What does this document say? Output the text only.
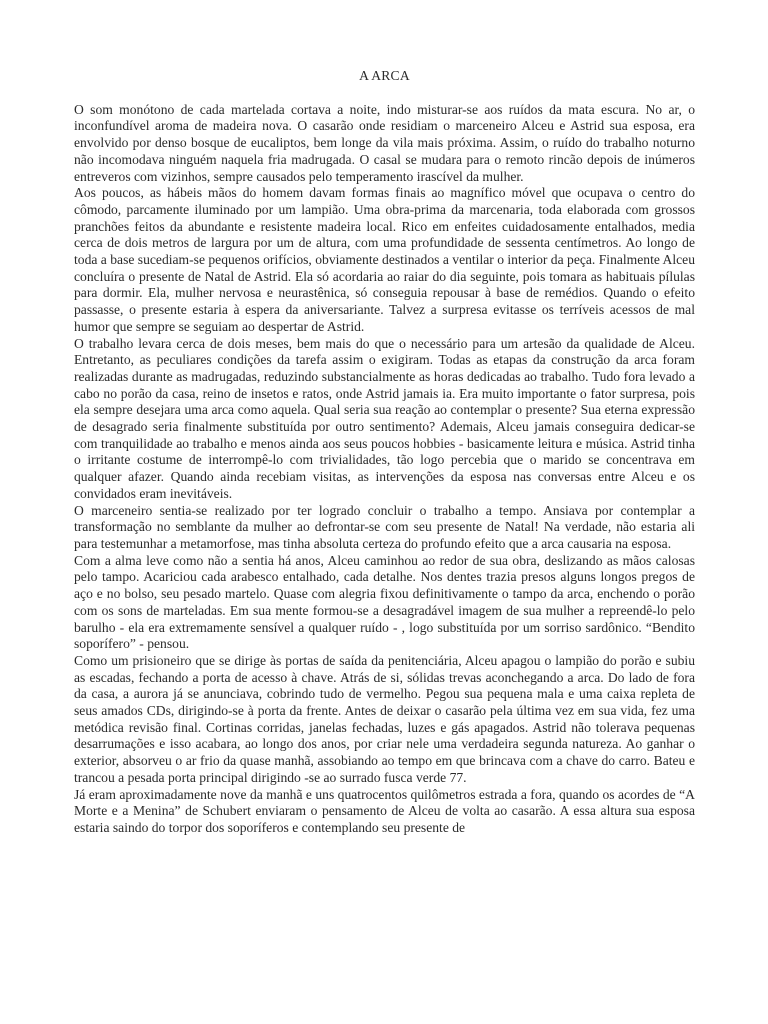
A ARCA

O som monótono de cada martelada cortava a noite, indo misturar-se aos ruídos da mata escura. No ar, o inconfundível aroma de madeira nova. O casarão onde residiam o marceneiro Alceu e Astrid sua esposa, era envolvido por denso bosque de eucaliptos, bem longe da vila mais próxima. Assim, o ruído do trabalho noturno não incomodava ninguém naquela fria madrugada. O casal se mudara para o remoto rincão depois de inúmeros entreveros com vizinhos, sempre causados pelo temperamento irascível da mulher.

Aos poucos, as hábeis mãos do homem davam formas finais ao magnífico móvel que ocupava o centro do cômodo, parcamente iluminado por um lampião. Uma obra-prima da marcenaria, toda elaborada com grossos pranchões feitos da abundante e resistente madeira local. Rico em enfeites cuidadosamente entalhados, media cerca de dois metros de largura por um de altura, com uma profundidade de sessenta centímetros. Ao longo de toda a base sucediam-se pequenos orifícios, obviamente destinados a ventilar o interior da peça. Finalmente Alceu concluíra o presente de Natal de Astrid. Ela só acordaria ao raiar do dia seguinte, pois tomara as habituais pílulas para dormir. Ela, mulher nervosa e neurastênica, só conseguia repousar à base de remédios. Quando o efeito passasse, o presente estaria à espera da aniversariante. Talvez a surpresa evitasse os terríveis acessos de mal humor que sempre se seguiam ao despertar de Astrid.

O trabalho levara cerca de dois meses, bem mais do que o necessário para um artesão da qualidade de Alceu. Entretanto, as peculiares condições da tarefa assim o exigiram. Todas as etapas da construção da arca foram realizadas durante as madrugadas, reduzindo substancialmente as horas dedicadas ao trabalho. Tudo fora levado a cabo no porão da casa, reino de insetos e ratos, onde Astrid jamais ia. Era muito importante o fator surpresa, pois ela sempre desejara uma arca como aquela. Qual seria sua reação ao contemplar o presente? Sua eterna expressão de desagrado seria finalmente substituída por outro sentimento? Ademais, Alceu jamais conseguira dedicar-se com tranquilidade ao trabalho e menos ainda aos seus poucos hobbies - basicamente leitura e música. Astrid tinha o irritante costume de interrompê-lo com trivialidades, tão logo percebia que o marido se concentrava em qualquer afazer. Quando ainda recebiam visitas, as intervenções da esposa nas conversas entre Alceu e os convidados eram inevitáveis.

O marceneiro sentia-se realizado por ter logrado concluir o trabalho a tempo. Ansiava por contemplar a transformação no semblante da mulher ao defrontar-se com seu presente de Natal! Na verdade, não estaria ali para testemunhar a metamorfose, mas tinha absoluta certeza do profundo efeito que a arca causaria na esposa.

Com a alma leve como não a sentia há anos, Alceu caminhou ao redor de sua obra, deslizando as mãos calosas pelo tampo. Acariciou cada arabesco entalhado, cada detalhe. Nos dentes trazia presos alguns longos pregos de aço e no bolso, seu pesado martelo. Quase com alegria fixou definitivamente o tampo da arca, enchendo o porão com os sons de marteladas. Em sua mente formou-se a desagradável imagem de sua mulher a repreendê-lo pelo barulho - ela era extremamente sensível a qualquer ruído - , logo substituída por um sorriso sardônico. “Bendito soporífero” - pensou.

Como um prisioneiro que se dirige às portas de saída da penitenciária, Alceu apagou o lampião do porão e subiu as escadas, fechando a porta de acesso à chave. Atrás de si, sólidas trevas aconchegando a arca. Do lado de fora da casa, a aurora já se anunciava, cobrindo tudo de vermelho. Pegou sua pequena mala e uma caixa repleta de seus amados CDs, dirigindo-se à porta da frente. Antes de deixar o casarão pela última vez em sua vida, fez uma metódica revisão final. Cortinas corridas, janelas fechadas, luzes e gás apagados. Astrid não tolerava pequenas desarrumações e isso acabara, ao longo dos anos, por criar nele uma verdadeira segunda natureza. Ao ganhar o exterior, absorveu o ar frio da quase manhã, assobiando ao tempo em que brincava com a chave do carro. Bateu e trancou a pesada porta principal dirigindo -se ao surrado fusca verde 77.

Já eram aproximadamente nove da manhã e uns quatrocentos quilômetros estrada a fora, quando os acordes de “A Morte e a Menina” de Schubert enviaram o pensamento de Alceu de volta ao casarão. A essa altura sua esposa estaria saindo do torpor dos soporíferos e contemplando seu presente de
